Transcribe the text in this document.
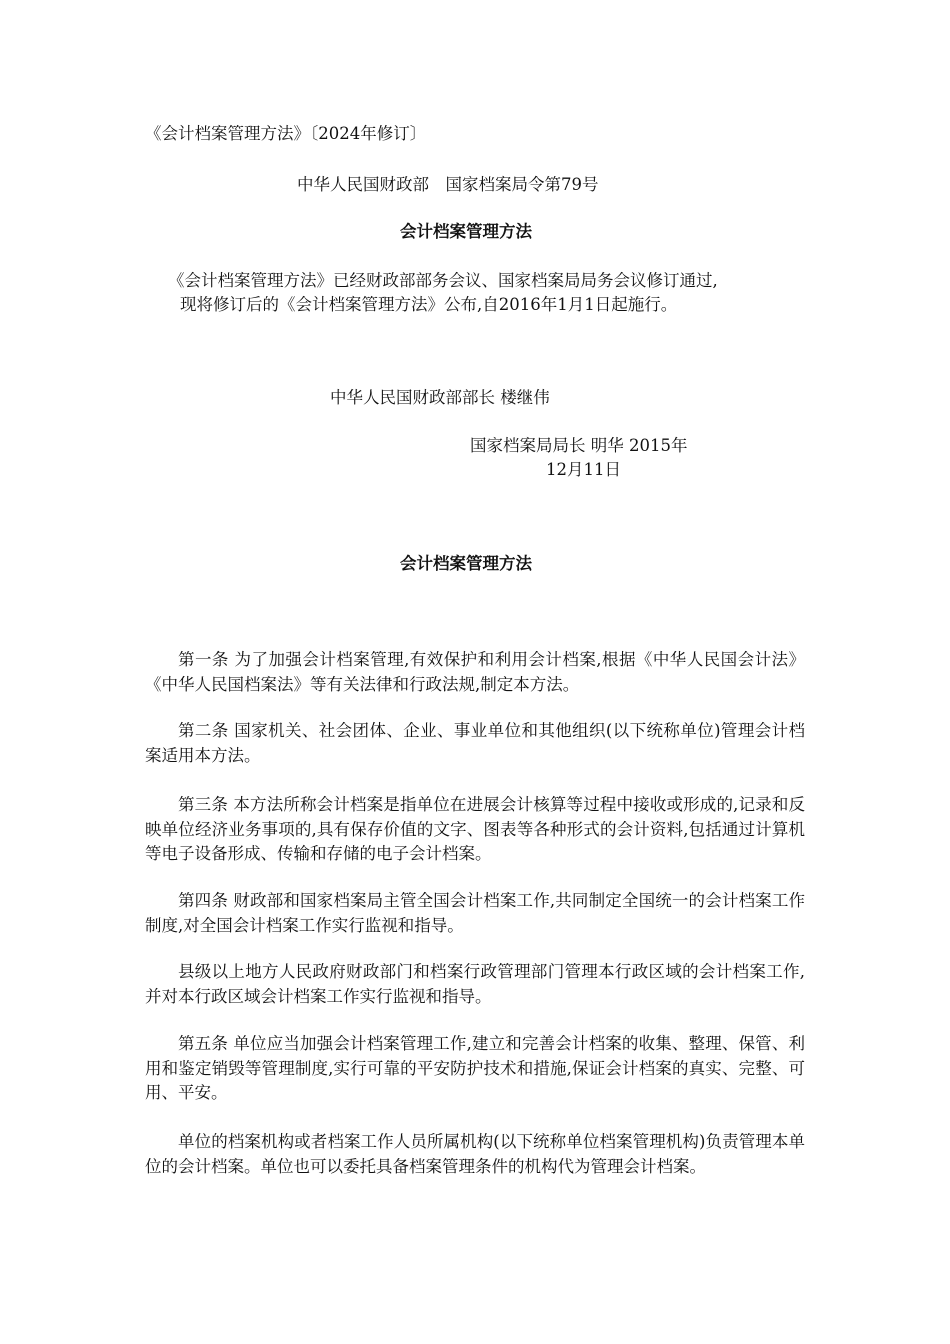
《会计档案管理方法》〔2024年修订〕

中华人民国财政部　国家档案局令第79号

会计档案管理方法

《会计档案管理方法》已经财政部部务会议、国家档案局局务会议修订通过,

现将修订后的《会计档案管理方法》公布,自2016年1月1日起施行。

中华人民国财政部部长 楼继伟

国家档案局局长 明华 2015年

12月11日

会计档案管理方法

第一条 为了加强会计档案管理,有效保护和利用会计档案,根据《中华人民国会计法》《中华人民国档案法》等有关法律和行政法规,制定本方法。

第二条 国家机关、社会团体、企业、事业单位和其他组织(以下统称单位)管理会计档案适用本方法。

第三条 本方法所称会计档案是指单位在进展会计核算等过程中接收或形成的,记录和反映单位经济业务事项的,具有保存价值的文字、图表等各种形式的会计资料,包括通过计算机等电子设备形成、传输和存储的电子会计档案。

第四条 财政部和国家档案局主管全国会计档案工作,共同制定全国统一的会计档案工作制度,对全国会计档案工作实行监视和指导。

县级以上地方人民政府财政部门和档案行政管理部门管理本行政区域的会计档案工作,并对本行政区域会计档案工作实行监视和指导。

第五条 单位应当加强会计档案管理工作,建立和完善会计档案的收集、整理、保管、利用和鉴定销毁等管理制度,实行可靠的平安防护技术和措施,保证会计档案的真实、完整、可用、平安。

单位的档案机构或者档案工作人员所属机构(以下统称单位档案管理机构)负责管理本单位的会计档案。单位也可以委托具备档案管理条件的机构代为管理会计档案。
